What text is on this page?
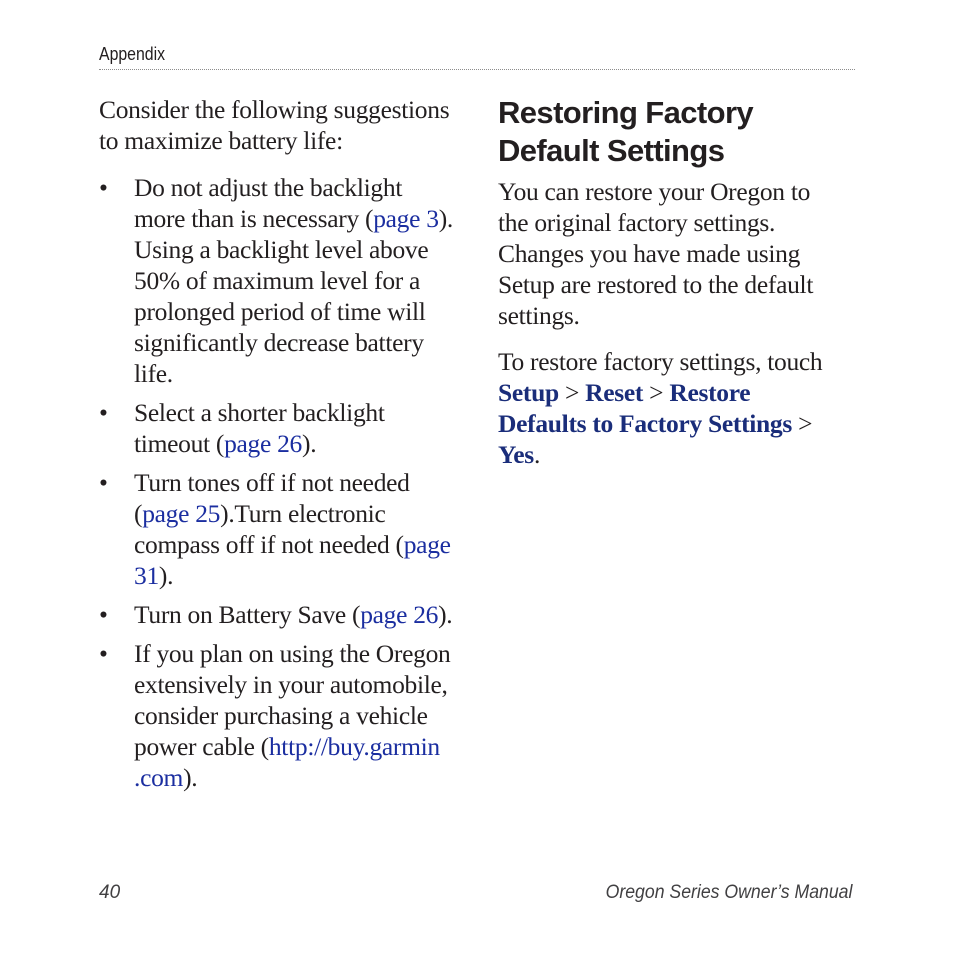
Appendix

Consider the following suggestions to maximize battery life:

• Do not adjust the backlight more than is necessary (page 3). Using a backlight level above 50% of maximum level for a prolonged period of time will significantly decrease battery life.
• Select a shorter backlight timeout (page 26).
• Turn tones off if not needed (page 25).Turn electronic compass off if not needed (page 31).
• Turn on Battery Save (page 26).
• If you plan on using the Oregon extensively in your automobile, consider purchasing a vehicle power cable (http://buy.garmin
.com).
Restoring Factory Default Settings

You can restore your Oregon to the original factory settings. Changes you have made using Setup are restored to the default settings.

To restore factory settings, touch Setup > Reset > Restore Defaults to Factory Settings > Yes.

40	Oregon Series Owner’s Manual
